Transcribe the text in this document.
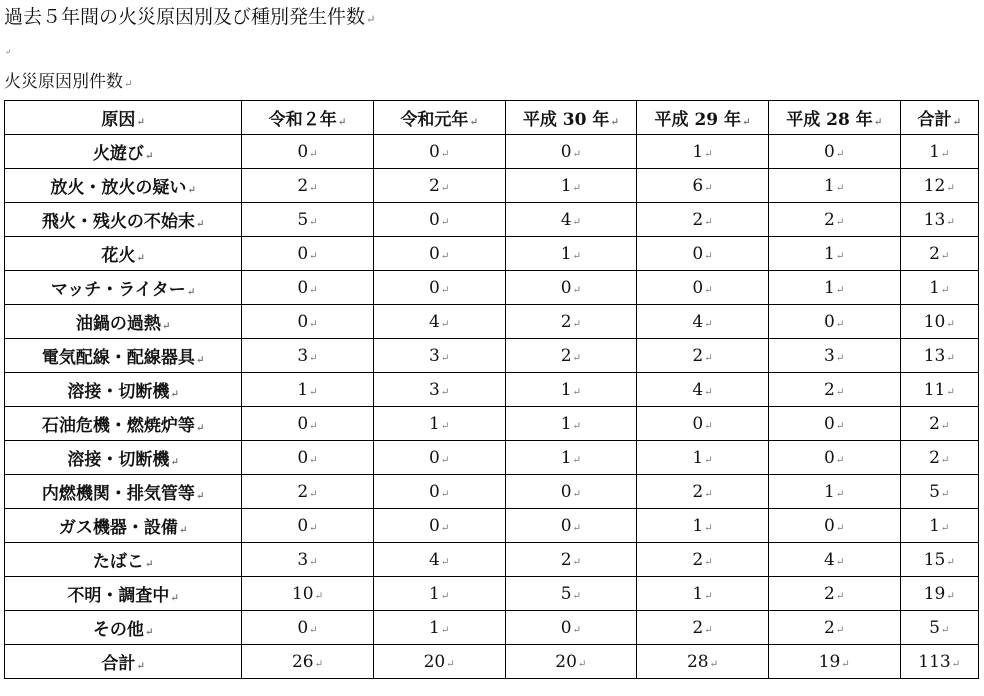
過去５年間の火災原因別及び種別発生件数↵
↵
火災原因別件数↵
原因↵	令和２年↵	令和元年↵	平成 30 年↵	平成 29 年↵	平成 28 年↵	合計↵
火遊び↵	0↵	0↵	0↵	1↵	0↵	1↵
放火・放火の疑い↵	2↵	2↵	1↵	6↵	1↵	12↵
飛火・残火の不始末↵	5↵	0↵	4↵	2↵	2↵	13↵
花火↵	0↵	0↵	1↵	0↵	1↵	2↵
マッチ・ライター↵	0↵	0↵	0↵	0↵	1↵	1↵
油鍋の過熱↵	0↵	4↵	2↵	4↵	0↵	10↵
電気配線・配線器具↵	3↵	3↵	2↵	2↵	3↵	13↵
溶接・切断機↵	1↵	3↵	1↵	4↵	2↵	11↵
石油危機・燃焼炉等↵	0↵	1↵	1↵	0↵	0↵	2↵
溶接・切断機↵	0↵	0↵	1↵	1↵	0↵	2↵
内燃機関・排気管等↵	2↵	0↵	0↵	2↵	1↵	5↵
ガス機器・設備↵	0↵	0↵	0↵	1↵	0↵	1↵
たばこ↵	3↵	4↵	2↵	2↵	4↵	15↵
不明・調査中↵	10↵	1↵	5↵	1↵	2↵	19↵
その他↵	0↵	1↵	0↵	2↵	2↵	5↵
合計↵	26↵	20↵	20↵	28↵	19↵	113↵
